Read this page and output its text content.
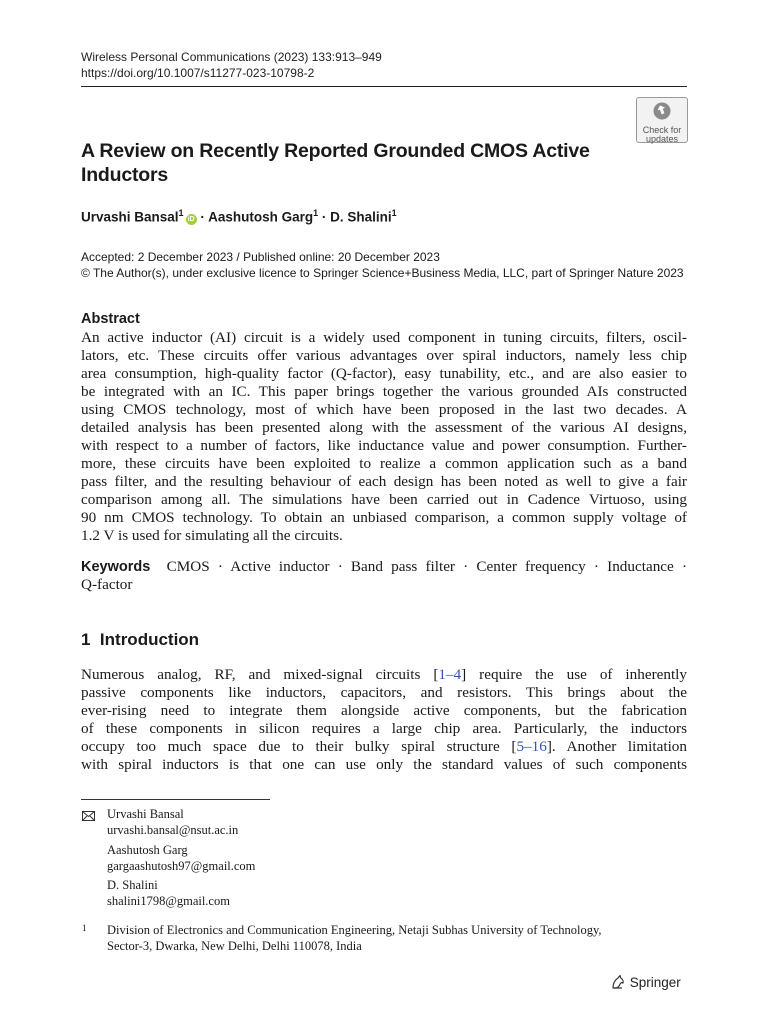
Wireless Personal Communications (2023) 133:913–949
https://doi.org/10.1007/s11277-023-10798-2
Check for
updates
A Review on Recently Reported Grounded CMOS Active
Inductors
Urvashi Bansal$^1$iD · Aashutosh Garg$^1$ · D. Shalini$^1$
Accepted: 2 December 2023 / Published online: 20 December 2023
© The Author(s), under exclusive licence to Springer Science+Business Media, LLC, part of Springer Nature 2023
Abstract
An active inductor (AI) circuit is a widely used component in tuning circuits, filters, oscil-
lators, etc. These circuits offer various advantages over spiral inductors, namely less chip
area consumption, high-quality factor (Q-factor), easy tunability, etc., and are also easier to
be integrated with an IC. This paper brings together the various grounded AIs constructed
using CMOS technology, most of which have been proposed in the last two decades. A
detailed analysis has been presented along with the assessment of the various AI designs,
with respect to a number of factors, like inductance value and power consumption. Further-
more, these circuits have been exploited to realize a common application such as a band
pass filter, and the resulting behaviour of each design has been noted as well to give a fair
comparison among all. The simulations have been carried out in Cadence Virtuoso, using
90 nm CMOS technology. To obtain an unbiased comparison, a common supply voltage of
1.2 V is used for simulating all the circuits.
Keywords CMOS · Active inductor · Band pass filter · Center frequency · Inductance ·
Q-factor
1 Introduction
Numerous analog, RF, and mixed-signal circuits [1–4] require the use of inherently
passive components like inductors, capacitors, and resistors. This brings about the
ever-rising need to integrate them alongside active components, but the fabrication
of these components in silicon requires a large chip area. Particularly, the inductors
occupy too much space due to their bulky spiral structure [5–16]. Another limitation
with spiral inductors is that one can use only the standard values of such components
Urvashi Bansal
urvashi.bansal@nsut.ac.in
Aashutosh Garg
gargaashutosh97@gmail.com
D. Shalini
shalini1798@gmail.com
1 Division of Electronics and Communication Engineering, Netaji Subhas University of Technology,
Sector-3, Dwarka, New Delhi, Delhi 110078, India
Springer
